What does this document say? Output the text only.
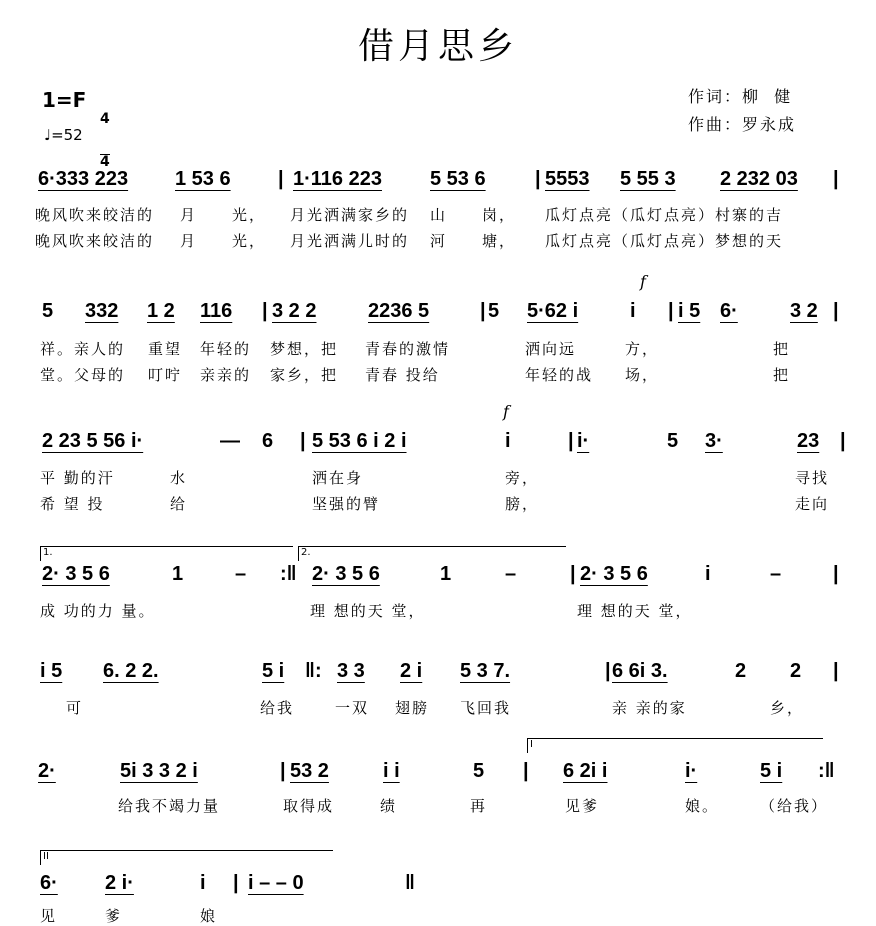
借月思乡
1=F

4

4

♩=52
作词：柳  健
作曲：罗永成
6·333 223 1 53 6 | 1·116 223 5 53 6 | 5553 5 55 3 2 232 03 |
晚风吹来皎洁的 月 光， 月光洒满家乡的 山 岗， 瓜灯点亮（瓜灯点亮）村寨的吉
晚风吹来皎洁的 月 光， 月光洒满儿时的 河 塘， 瓜灯点亮（瓜灯点亮）梦想的天
5 332 1 2 116 | 3 2 2	2236 5	| 5 5·62 i	i | i 5 6·	3 2 |
祥。亲人的 重望 年轻的 梦想，把 青春的激情	洒向远	方，	把
堂。父母的 叮咛 亲亲的 家乡，把 青春 投给	年轻的战 场，	把
f
2 23 5 56 i·	— 6 | 5 53 6 i 2 i	i	| i·	5 3·	23 |
平 勤的汗	水	洒在身	旁，	寻找
希 望 投	给	坚强的臂	膀，	走向
f
2· 3 5 6	1	– :‖ 2· 3 5 6	1	–	| 2· 3 5 6	i	–	|
成 功的力 量。	理 想的天 堂，	理 想的天 堂，
1.	2.
i 5 6. 2 2.	5 i ‖: 3 3 2 i 5 3 7.	| 6 6i 3.	2 2 |
可	给我	一双 翅膀 飞回我	亲 亲的家	乡，
2·	5i 3 3 2 i	| 53 2	i i	5 | 6 2i i	i·	5 i :‖
给我不竭力量	取得成	绩	再	见爹	娘。	（给我）
I
6· 2 i·	i | i – – 0	‖
见	爹	娘
II
